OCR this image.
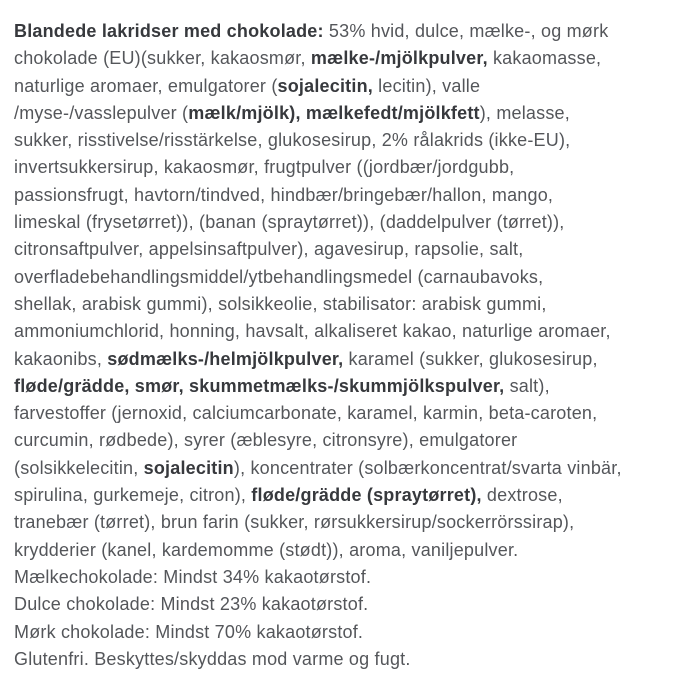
Blandede lakridser med chokolade: 53% hvid, dulce, mælke-, og mørk
chokolade (EU)(sukker, kakaosmør, mælke-/mjölkpulver, kakaomasse,
naturlige aromaer, emulgatorer (sojalecitin, lecitin), valle
/myse-/vasslepulver (mælk/mjölk), mælkefedt/mjölkfett), melasse,
sukker, risstivelse/risstärkelse, glukosesirup, 2% rålakrids (ikke-EU),
invertsukkersirup, kakaosmør, frugtpulver ((jordbær/jordgubb,
passionsfrugt, havtorn/tindved, hindbær/bringebær/hallon, mango,
limeskal (frysetørret)), (banan (spraytørret)), (daddelpulver (tørret)),
citronsaftpulver, appelsinsaftpulver), agavesirup, rapsolie, salt,
overfladebehandlingsmiddel/ytbehandlingsmedel (carnaubavoks,
shellak, arabisk gummi), solsikkeolie, stabilisator: arabisk gummi,
ammoniumchlorid, honning, havsalt, alkaliseret kakao, naturlige aromaer,
kakaonibs, sødmælks-/helmjölkpulver, karamel (sukker, glukosesirup,
fløde/grädde, smør, skummetmælks-/skummjölkspulver, salt),
farvestoffer (jernoxid, calciumcarbonate, karamel, karmin, beta-caroten,
curcumin, rødbede), syrer (æblesyre, citronsyre), emulgatorer
(solsikkelecitin, sojalecitin), koncentrater (solbærkoncentrat/svarta vinbär,
spirulina, gurkemeje, citron), fløde/grädde (spraytørret), dextrose,
tranebær (tørret), brun farin (sukker, rørsukkersirup/sockerrörssirap),
krydderier (kanel, kardemomme (stødt)), aroma, vaniljepulver.
Mælkechokolade: Mindst 34% kakaotørstof.
Dulce chokolade: Mindst 23% kakaotørstof.
Mørk chokolade: Mindst 70% kakaotørstof.
Glutenfri. Beskyttes/skyddas mod varme og fugt.
